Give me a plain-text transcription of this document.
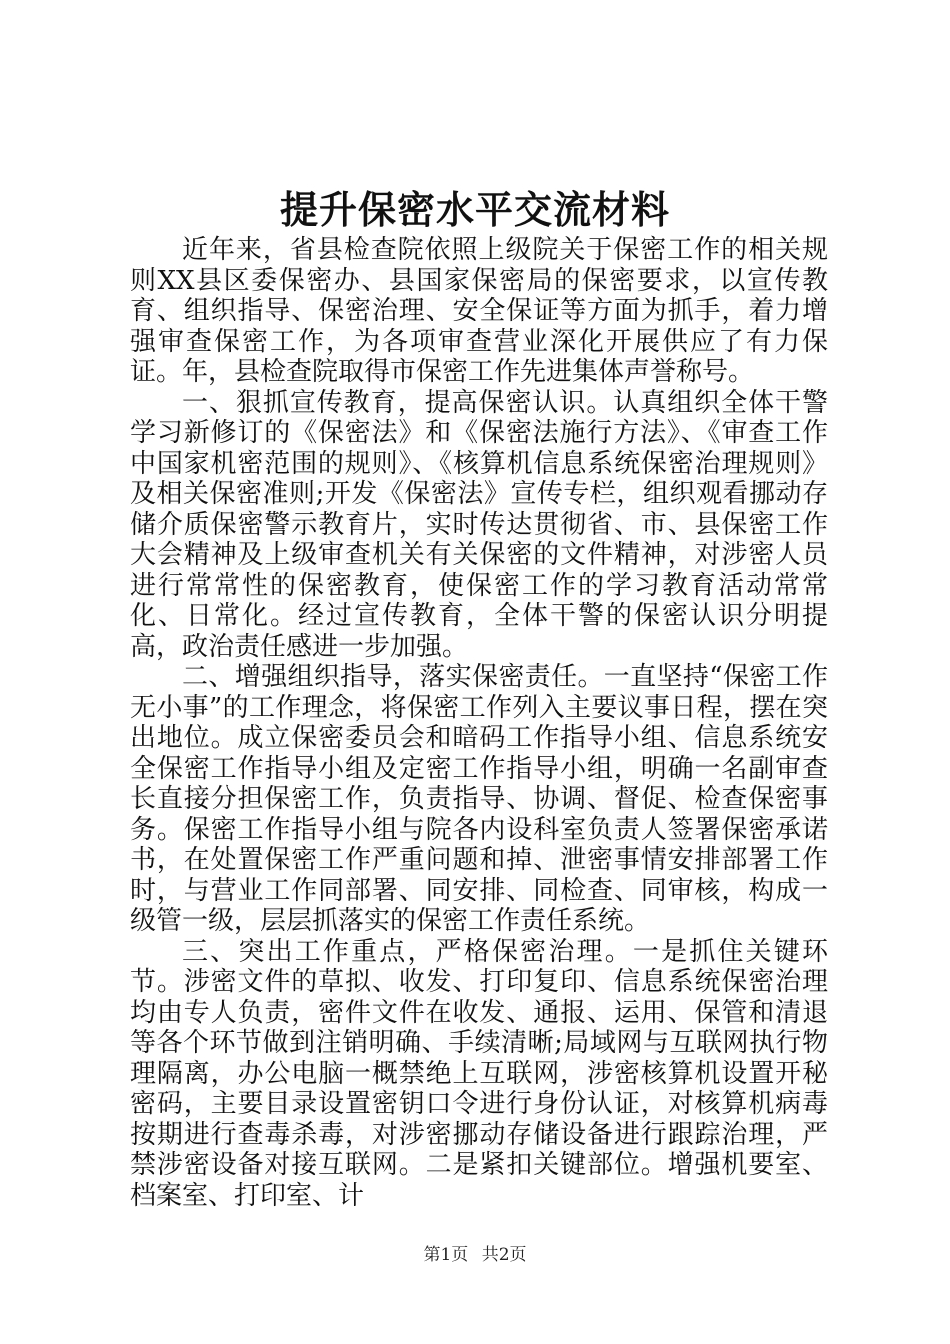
提升保密水平交流材料

近年来，省县检查院依照上级院关于保密工作的相关规则XX县区委保密办、县国家保密局的保密要求，以宣传教育、组织指导、保密治理、安全保证等方面为抓手，着力增强审查保密工作，为各项审查营业深化开展供应了有力保证。年，县检查院取得市保密工作先进集体声誉称号。

一、狠抓宣传教育，提高保密认识。认真组织全体干警学习新修订的《保密法》和《保密法施行方法》、《审查工作中国家机密范围的规则》、《核算机信息系统保密治理规则》及相关保密准则;开发《保密法》宣传专栏，组织观看挪动存储介质保密警示教育片，实时传达贯彻省、市、县保密工作大会精神及上级审查机关有关保密的文件精神，对涉密人员进行常常性的保密教育，使保密工作的学习教育活动常常化、日常化。经过宣传教育，全体干警的保密认识分明提高，政治责任感进一步加强。

二、增强组织指导，落实保密责任。一直坚持“保密工作无小事”的工作理念，将保密工作列入主要议事日程，摆在突出地位。成立保密委员会和暗码工作指导小组、信息系统安全保密工作指导小组及定密工作指导小组，明确一名副审查长直接分担保密工作，负责指导、协调、督促、检查保密事务。保密工作指导小组与院各内设科室负责人签署保密承诺书，在处置保密工作严重问题和掉、泄密事情安排部署工作时，与营业工作同部署、同安排、同检查、同审核，构成一级管一级，层层抓落实的保密工作责任系统。

三、突出工作重点，严格保密治理。一是抓住关键环节。涉密文件的草拟、收发、打印复印、信息系统保密治理均由专人负责，密件文件在收发、通报、运用、保管和清退等各个环节做到注销明确、手续清晰;局域网与互联网执行物理隔离，办公电脑一概禁绝上互联网，涉密核算机设置开秘密码，主要目录设置密钥口令进行身份认证，对核算机病毒按期进行查毒杀毒，对涉密挪动存储设备进行跟踪治理，严禁涉密设备对接互联网。二是紧扣关键部位。增强机要室、档案室、打印室、计

第1页 共2页
